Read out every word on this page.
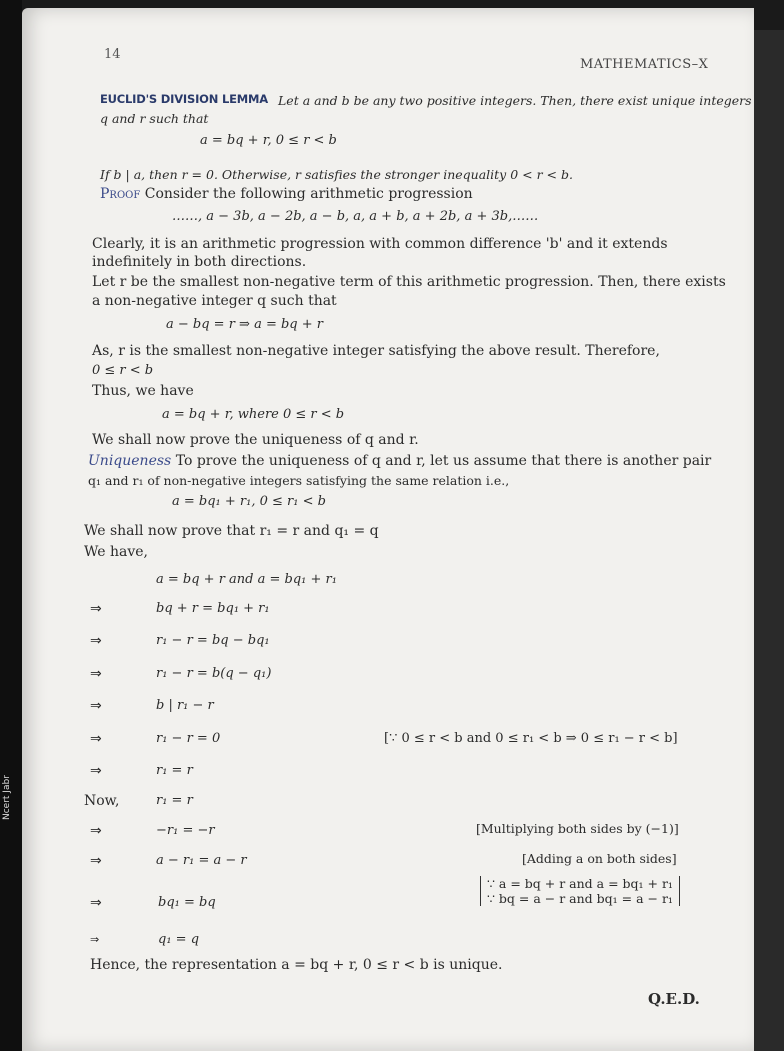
Ncert Jabr
14
MATHEMATICS–X
EUCLID'S DIVISION LEMMA Let a and b be any two positive integers. Then, there exist unique integers
q and r such that
a = bq + r, 0 ≤ r < b
If b | a, then r = 0. Otherwise, r satisfies the stronger inequality 0 < r < b.
Proof Consider the following arithmetic progression
……, a − 3b, a − 2b, a − b, a, a + b, a + 2b, a + 3b,……
Clearly, it is an arithmetic progression with common difference 'b' and it extends
indefinitely in both directions.
Let r be the smallest non-negative term of this arithmetic progression. Then, there exists
a non-negative integer q such that
a − bq = r ⇒ a = bq + r
As, r is the smallest non-negative integer satisfying the above result. Therefore,
0 ≤ r < b
Thus, we have
a = bq + r, where 0 ≤ r < b
We shall now prove the uniqueness of q and r.
Uniqueness To prove the uniqueness of q and r, let us assume that there is another pair
q₁ and r₁ of non-negative integers satisfying the same relation i.e.,
a = bq₁ + r₁, 0 ≤ r₁ < b
We shall now prove that r₁ = r and q₁ = q
We have,
a = bq + r and a = bq₁ + r₁
⇒	bq + r = bq₁ + r₁
⇒	r₁ − r = bq − bq₁
⇒	r₁ − r = b(q − q₁)
⇒	b | r₁ − r
⇒	r₁ − r = 0	[∵ 0 ≤ r < b and 0 ≤ r₁ < b ⇒ 0 ≤ r₁ − r < b]
⇒	r₁ = r
Now,	r₁ = r
⇒	−r₁ = −r	[Multiplying both sides by (−1)]
⇒	a − r₁ = a − r	[Adding a on both sides]
⇒	bq₁ = bq
∵ a = bq + r and a = bq₁ + r₁
∵ bq = a − r and bq₁ = a − r₁
⇒	q₁ = q
Hence, the representation a = bq + r, 0 ≤ r < b is unique.
Q.E.D.
